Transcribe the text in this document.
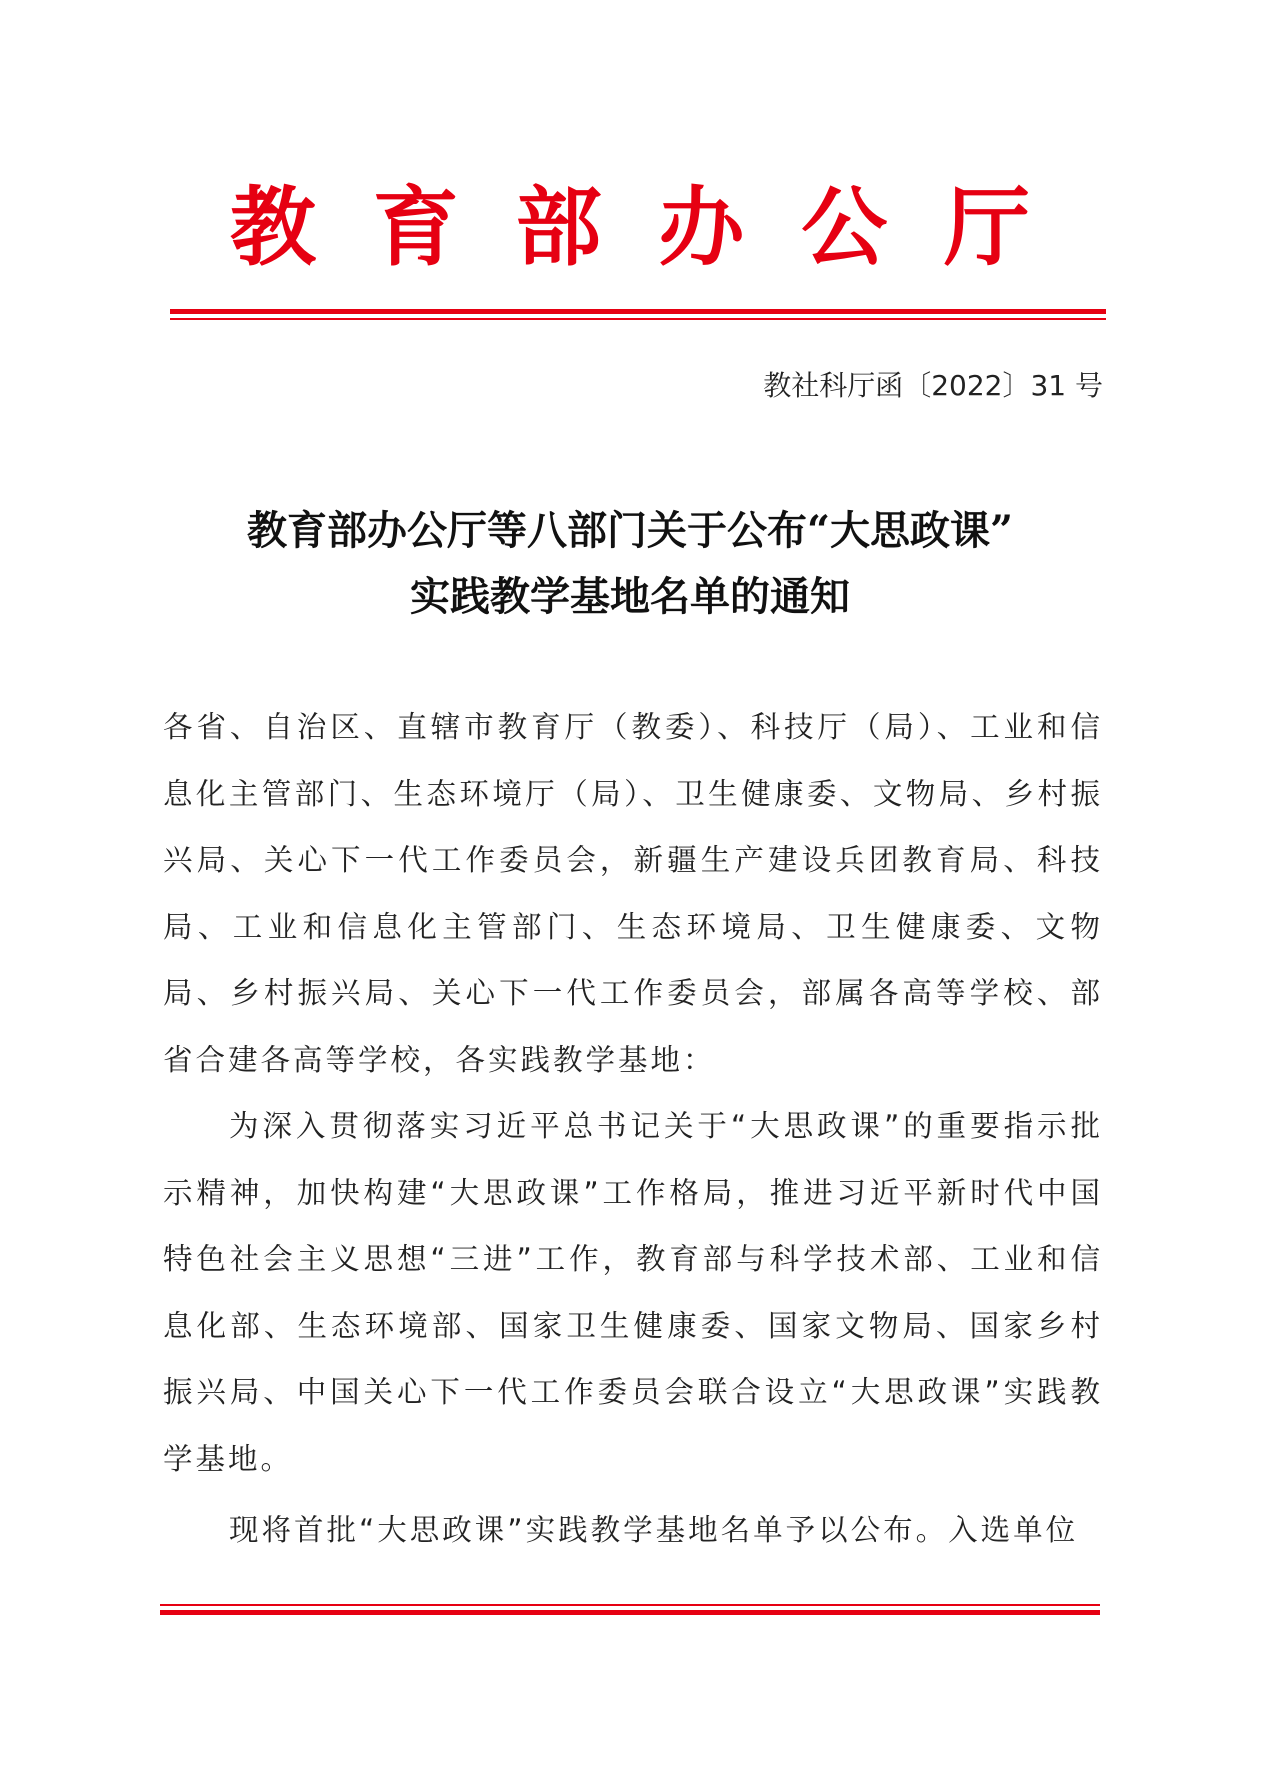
教 育 部 办 公 厅
教社科厅函〔2022〕31 号
教育部办公厅等八部门关于公布“大思政课”
实践教学基地名单的通知

各省、自治区、直辖市教育厅（教委）、科技厅（局）、工业和信息化主管部门、生态环境厅（局）、卫生健康委、文物局、乡村振兴局、关心下一代工作委员会，新疆生产建设兵团教育局、科技局、工业和信息化主管部门、生态环境局、卫生健康委、文物局、乡村振兴局、关心下一代工作委员会，部属各高等学校、部省合建各高等学校，各实践教学基地：

为深入贯彻落实习近平总书记关于“大思政课”的重要指示批示精神，加快构建“大思政课”工作格局，推进习近平新时代中国特色社会主义思想“三进”工作，教育部与科学技术部、工业和信息化部、生态环境部、国家卫生健康委、国家文物局、国家乡村振兴局、中国关心下一代工作委员会联合设立“大思政课”实践教学基地。

现将首批“大思政课”实践教学基地名单予以公布。入选单位
